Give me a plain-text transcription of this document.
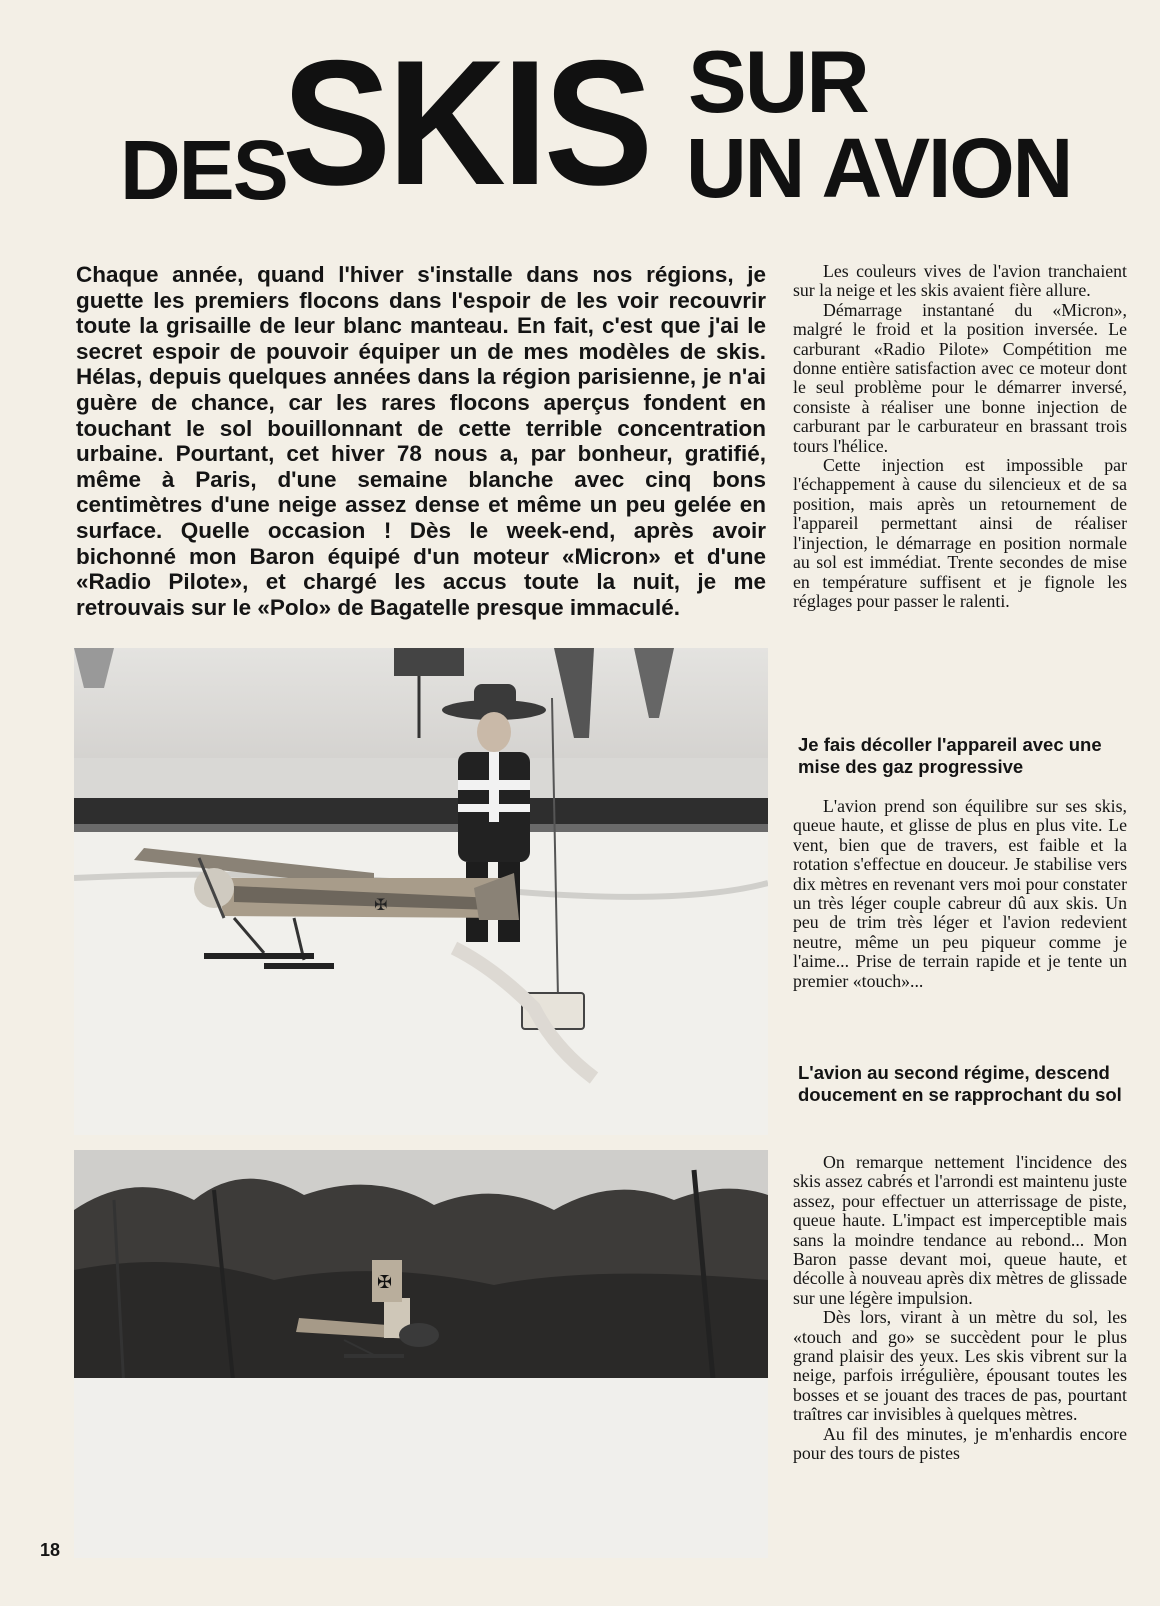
DES
SKIS SUR
UN AVION

Chaque année, quand l'hiver s'installe dans nos régions, je guette les premiers flocons dans l'espoir de les voir recouvrir toute la grisaille de leur blanc manteau. En fait, c'est que j'ai le secret espoir de pouvoir équiper un de mes modèles de skis. Hélas, depuis quelques années dans la région parisienne, je n'ai guère de chance, car les rares flocons aperçus fondent en touchant le sol bouillonnant de cette terrible concentration urbaine. Pourtant, cet hiver 78 nous a, par bonheur, gratifié, même à Paris, d'une semaine blanche avec cinq bons centimètres d'une neige assez dense et même un peu gelée en surface. Quelle occasion ! Dès le week-end, après avoir bichonné mon Baron équipé d'un moteur «Micron» et d'une «Radio Pilote», et chargé les accus toute la nuit, je me retrouvais sur le «Polo» de Bagatelle presque immaculé.

Les couleurs vives de l'avion tranchaient sur la neige et les skis avaient fière allure.

Démarrage instantané du «Micron», malgré le froid et la position inversée. Le carburant «Radio Pilote» Compétition me donne entière satisfaction avec ce moteur dont le seul problème pour le démarrer inversé, consiste à réaliser une bonne injection de carburant par le carburateur en brassant trois tours l'hélice.

Cette injection est impossible par l'échappement à cause du silencieux et de sa position, mais après un retournement de l'appareil permettant ainsi de réaliser l'injection, le démarrage en position normale au sol est immédiat. Trente secondes de mise en température suffisent et je fignole les réglages pour passer le ralenti.

Je fais décoller l'appareil avec une mise des gaz progressive

L'avion prend son équilibre sur ses skis, queue haute, et glisse de plus en plus vite. Le vent, bien que de travers, est faible et la rotation s'effectue en douceur. Je stabilise vers dix mètres en revenant vers moi pour constater un très léger couple cabreur dû aux skis. Un peu de trim très léger et l'avion redevient neutre, même un peu piqueur comme je l'aime... Prise de terrain rapide et je tente un premier «touch»...

L'avion au second régime, descend doucement en se rapprochant du sol

On remarque nettement l'incidence des skis assez cabrés et l'arrondi est maintenu juste assez, pour effectuer un atterrissage de piste, queue haute. L'impact est imperceptible mais sans la moindre tendance au rebond... Mon Baron passe devant moi, queue haute, et décolle à nouveau après dix mètres de glissade sur une légère impulsion.

Dès lors, virant à un mètre du sol, les «touch and go» se succèdent pour le plus grand plaisir des yeux. Les skis vibrent sur la neige, parfois irrégulière, épousant toutes les bosses et se jouant des traces de pas, pourtant traîtres car invisibles à quelques mètres.

Au fil des minutes, je m'enhardis encore pour des tours de pistes

✠
✠
18
